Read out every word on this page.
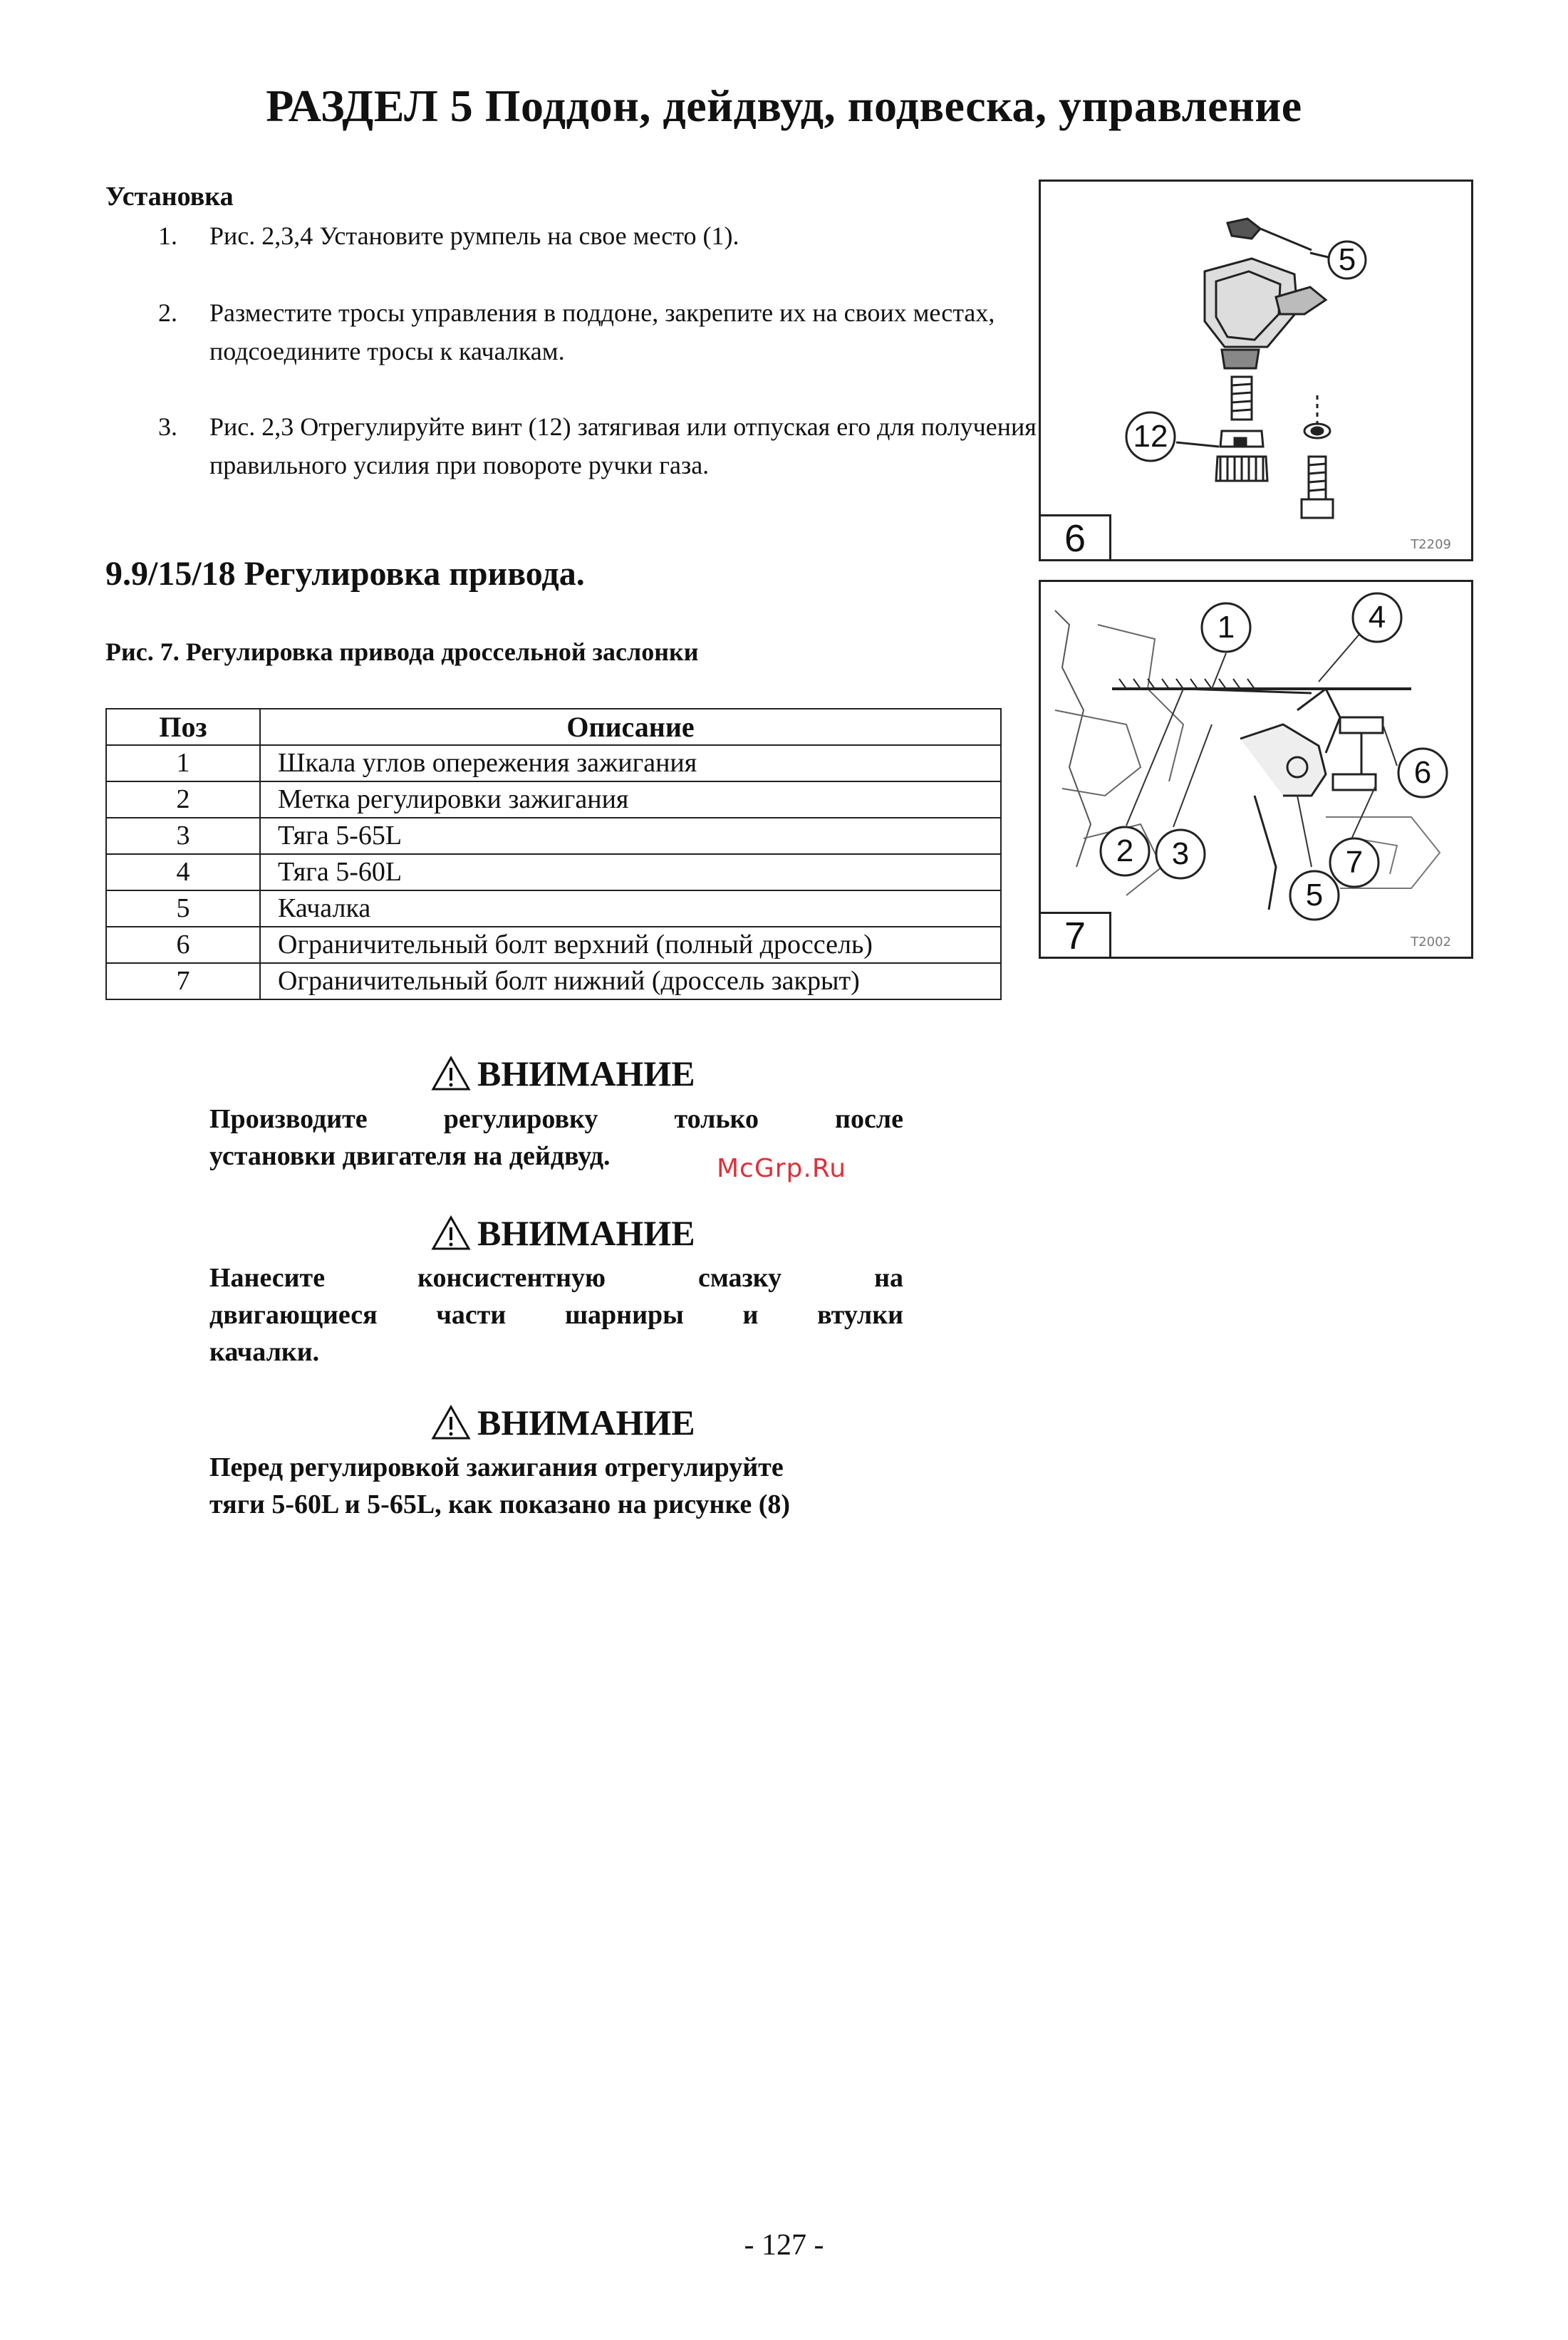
РАЗДЕЛ 5 Поддон, дейдвуд, подвеска, управление
Установка
1. Рис. 2,3,4 Установите румпель на свое место (1).
2. Разместите тросы управления в поддоне, закрепите их на своих местах, подсоедините тросы к качалкам.
3. Рис. 2,3 Отрегулируйте винт (12) затягивая или отпуская его для получения правильного усилия при повороте ручки газа.
9.9/15/18 Регулировка привода.
Рис. 7. Регулировка привода дроссельной заслонки
Поз	Описание
1	Шкала углов опережения зажигания
2	Метка регулировки зажигания
3	Тяга 5-65L
4	Тяга 5-60L
5	Качалка
6	Ограничительный болт верхний (полный дроссель)
7	Ограничительный болт нижний (дроссель закрыт)
ВНИМАНИЕ
Производите регулировку только после
установки двигателя на дейдвуд.	McGrp.Ru
ВНИМАНИЕ
Нанесите консистентную смазку на
двигающиеся части шарниры и втулки
качалки.
ВНИМАНИЕ
Перед регулировкой зажигания отрегулируйте
тяги 5-60L и 5-65L, как показано на рисунке (8)
5
12
6	T2209
1	4
6
2	3
5
7
7	T2002
- 127 -
